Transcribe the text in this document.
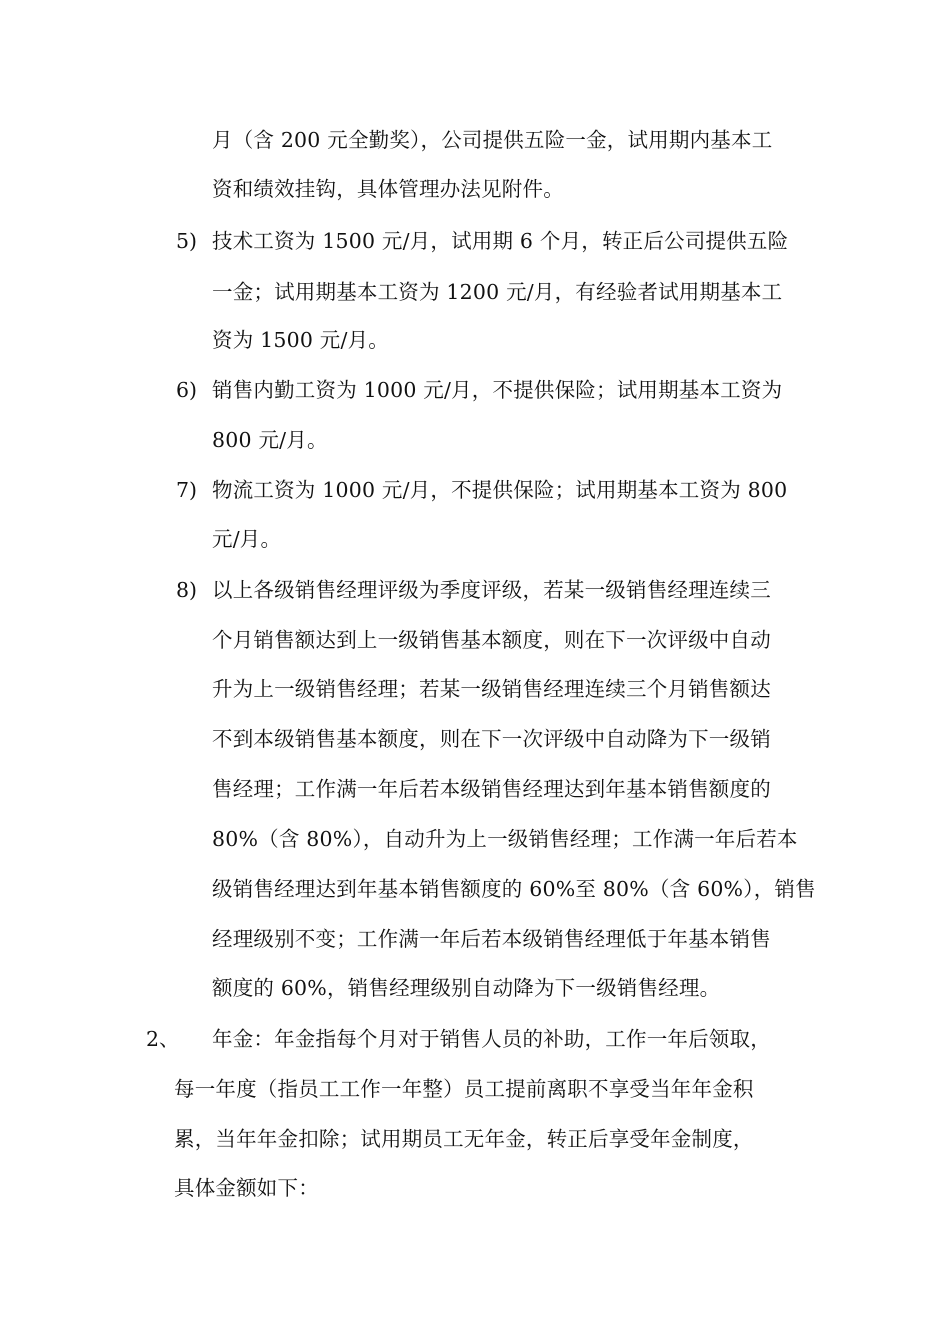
月（含 200 元全勤奖），公司提供五险一金，试用期内基本工
资和绩效挂钩，具体管理办法见附件。
5) 技术工资为 1500 元/月，试用期 6 个月，转正后公司提供五险
一金；试用期基本工资为 1200 元/月，有经验者试用期基本工
资为 1500 元/月。
6) 销售内勤工资为 1000 元/月，不提供保险；试用期基本工资为
800 元/月。
7) 物流工资为 1000 元/月，不提供保险；试用期基本工资为 800
元/月。
8) 以上各级销售经理评级为季度评级，若某一级销售经理连续三
个月销售额达到上一级销售基本额度，则在下一次评级中自动
升为上一级销售经理；若某一级销售经理连续三个月销售额达
不到本级销售基本额度，则在下一次评级中自动降为下一级销
售经理；工作满一年后若本级销售经理达到年基本销售额度的
80%（含 80%），自动升为上一级销售经理；工作满一年后若本
级销售经理达到年基本销售额度的 60%至 80%（含 60%），销售
经理级别不变；工作满一年后若本级销售经理低于年基本销售
额度的 60%，销售经理级别自动降为下一级销售经理。
2、 年金：年金指每个月对于销售人员的补助，工作一年后领取，
每一年度（指员工工作一年整）员工提前离职不享受当年年金积
累，当年年金扣除；试用期员工无年金，转正后享受年金制度，
具体金额如下：
